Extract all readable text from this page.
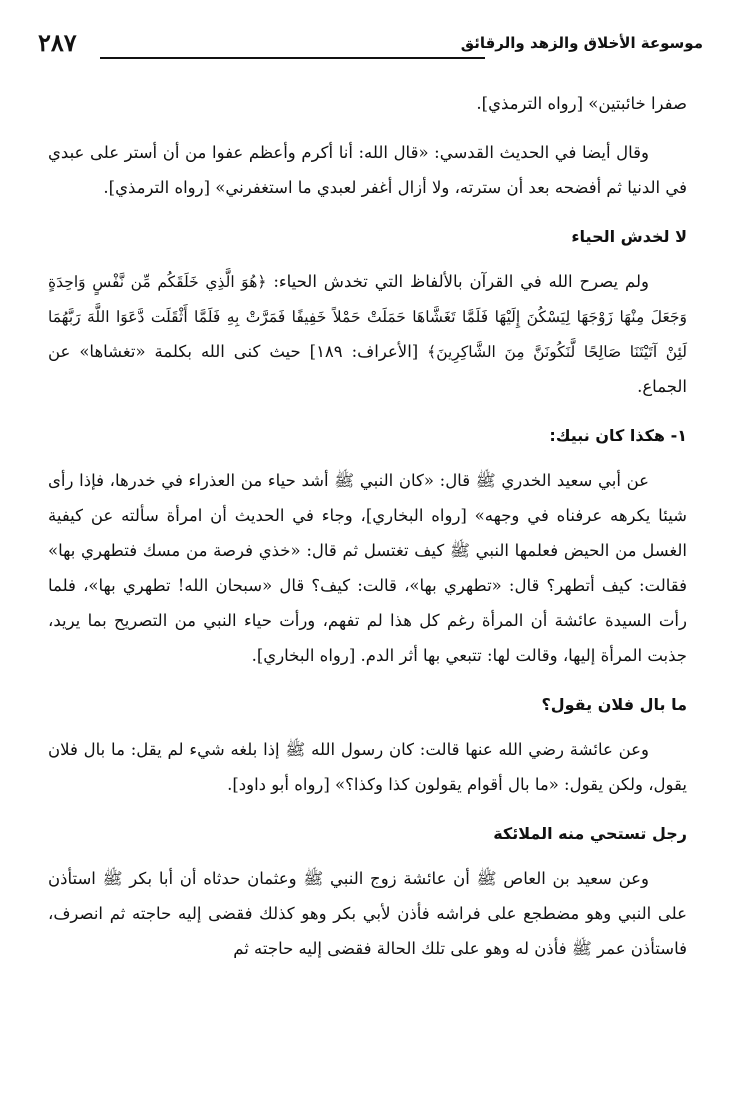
موسوعة الأخلاق والزهد والرقائق
٢٨٧

صفرا خائبتين» [رواه الترمذي].

وقال أيضا في الحديث القدسي: «قال الله: أنا أكرم وأعظم عفوا من أن أستر على عبدي في الدنيا ثم أفضحه بعد أن سترته، ولا أزال أغفر لعبدي ما استغفرني» [رواه الترمذي].

لا لخدش الحياء

ولم يصرح الله في القرآن بالألفاظ التي تخدش الحياء: ﴿هُوَ الَّذِي خَلَقَكُم مِّن نَّفْسٍ وَاحِدَةٍ وَجَعَلَ مِنْهَا زَوْجَهَا لِيَسْكُنَ إِلَيْهَا فَلَمَّا تَغَشَّاهَا حَمَلَتْ حَمْلاً خَفِيفًا فَمَرَّتْ بِهِ فَلَمَّا أَثْقَلَت دَّعَوَا اللَّهَ رَبَّهُمَا لَئِنْ آتَيْتَنَا صَالِحًا لَّنَكُونَنَّ مِنَ الشَّاكِرِينَ﴾ [الأعراف: ١٨٩] حيث كنى الله بكلمة «تغشاها» عن الجماع.

١- هكذا كان نبيك:

عن أبي سعيد الخدري ﷺ قال: «كان النبي ﷺ أشد حياء من العذراء في خدرها، فإذا رأى شيئا يكرهه عرفناه في وجهه» [رواه البخاري]، وجاء في الحديث أن امرأة سألته عن كيفية الغسل من الحيض فعلمها النبي ﷺ كيف تغتسل ثم قال: «خذي فرصة من مسك فتطهري بها» فقالت: كيف أتطهر؟ قال: «تطهري بها»، قالت: كيف؟ قال «سبحان الله! تطهري بها»، فلما رأت السيدة عائشة أن المرأة رغم كل هذا لم تفهم، ورأت حياء النبي من التصريح بما يريد، جذبت المرأة إليها، وقالت لها: تتبعي بها أثر الدم. [رواه البخاري].

ما بال فلان يقول؟

وعن عائشة رضي الله عنها قالت: كان رسول الله ﷺ إذا بلغه شيء لم يقل: ما بال فلان يقول، ولكن يقول: «ما بال أقوام يقولون كذا وكذا؟» [رواه أبو داود].

رجل تستحي منه الملائكة

وعن سعيد بن العاص ﷺ أن عائشة زوج النبي ﷺ وعثمان حدثاه أن أبا بكر ﷺ استأذن على النبي وهو مضطجع على فراشه فأذن لأبي بكر وهو كذلك فقضى إليه حاجته ثم انصرف، فاستأذن عمر ﷺ فأذن له وهو على تلك الحالة فقضى إليه حاجته ثم
